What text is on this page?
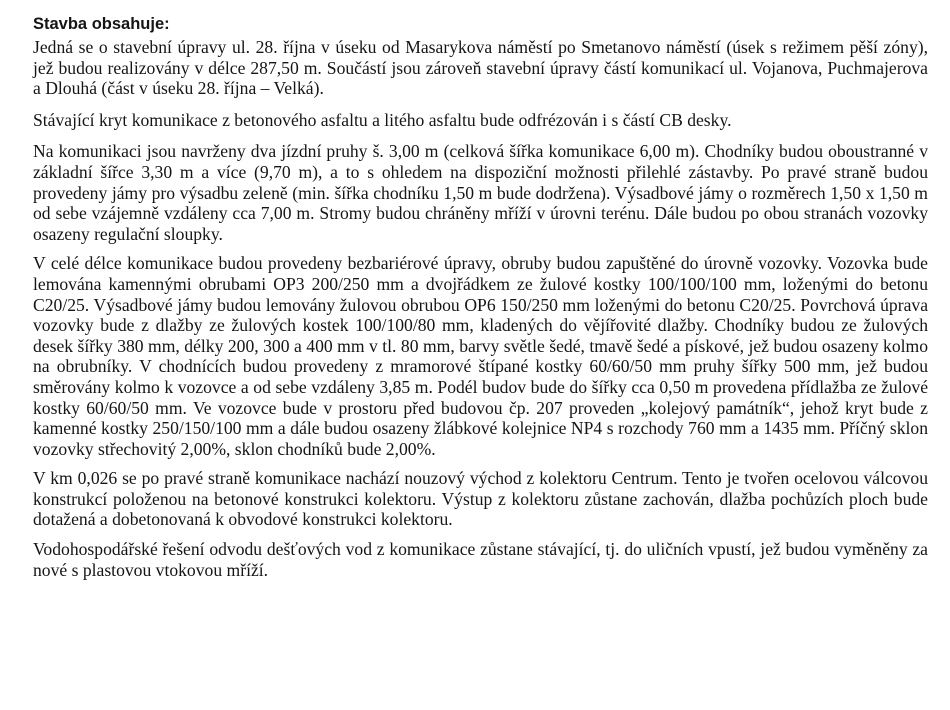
Stavba obsahuje:

Jedná se o stavební úpravy ul. 28. října v úseku od Masarykova náměstí po Smetanovo náměstí (úsek s režimem pěší zóny), jež budou realizovány v délce 287,50 m. Součástí jsou zároveň stavební úpravy částí komunikací ul. Vojanova, Puchmajerova a Dlouhá (část v úseku 28. října – Velká).

Stávající kryt komunikace z betonového asfaltu a litého asfaltu bude odfrézován i s částí CB desky.

Na komunikaci jsou navrženy dva jízdní pruhy š. 3,00 m (celková šířka komunikace 6,00 m). Chodníky budou oboustranné v základní šířce 3,30 m a více (9,70 m), a to s ohledem na dispoziční možnosti přilehlé zástavby. Po pravé straně budou provedeny jámy pro výsadbu zeleně (min. šířka chodníku 1,50 m bude dodržena). Výsadbové jámy o rozměrech 1,50 x 1,50 m od sebe vzájemně vzdáleny cca 7,00 m. Stromy budou chráněny mříží v úrovni terénu. Dále budou po obou stranách vozovky osazeny regulační sloupky.

V celé délce komunikace budou provedeny bezbariérové úpravy, obruby budou zapuštěné do úrovně vozovky. Vozovka bude lemována kamennými obrubami OP3 200/250 mm a dvojřádkem ze žulové kostky 100/100/100 mm, loženými do betonu C20/25. Výsadbové jámy budou lemovány žulovou obrubou OP6 150/250 mm loženými do betonu C20/25. Povrchová úprava vozovky bude z dlažby ze žulových kostek 100/100/80 mm, kladených do vějířovité dlažby. Chodníky budou ze žulových desek šířky 380 mm, délky 200, 300 a 400 mm v tl. 80 mm, barvy světle šedé, tmavě šedé a pískové, jež budou osazeny kolmo na obrubníky. V chodnících budou provedeny z mramorové štípané kostky 60/60/50 mm pruhy šířky 500 mm, jež budou směrovány kolmo k vozovce a od sebe vzdáleny 3,85 m. Podél budov bude do šířky cca 0,50 m provedena přídlažba ze žulové kostky 60/60/50 mm. Ve vozovce bude v prostoru před budovou čp. 207 proveden „kolejový památník“, jehož kryt bude z kamenné kostky 250/150/100 mm a dále budou osazeny žlábkové kolejnice NP4 s rozchody 760 mm a 1435 mm. Příčný sklon vozovky střechovitý 2,00%, sklon chodníků bude 2,00%.

V km 0,026 se po pravé straně komunikace nachází nouzový východ z kolektoru Centrum. Tento je tvořen ocelovou válcovou konstrukcí položenou na betonové konstrukci kolektoru. Výstup z kolektoru zůstane zachován, dlažba pochůzích ploch bude dotažená a dobetonovaná k obvodové konstrukci kolektoru.

Vodohospodářské řešení odvodu dešťových vod z komunikace zůstane stávající, tj. do uličních vpustí, jež budou vyměněny za nové s plastovou vtokovou mříží.
